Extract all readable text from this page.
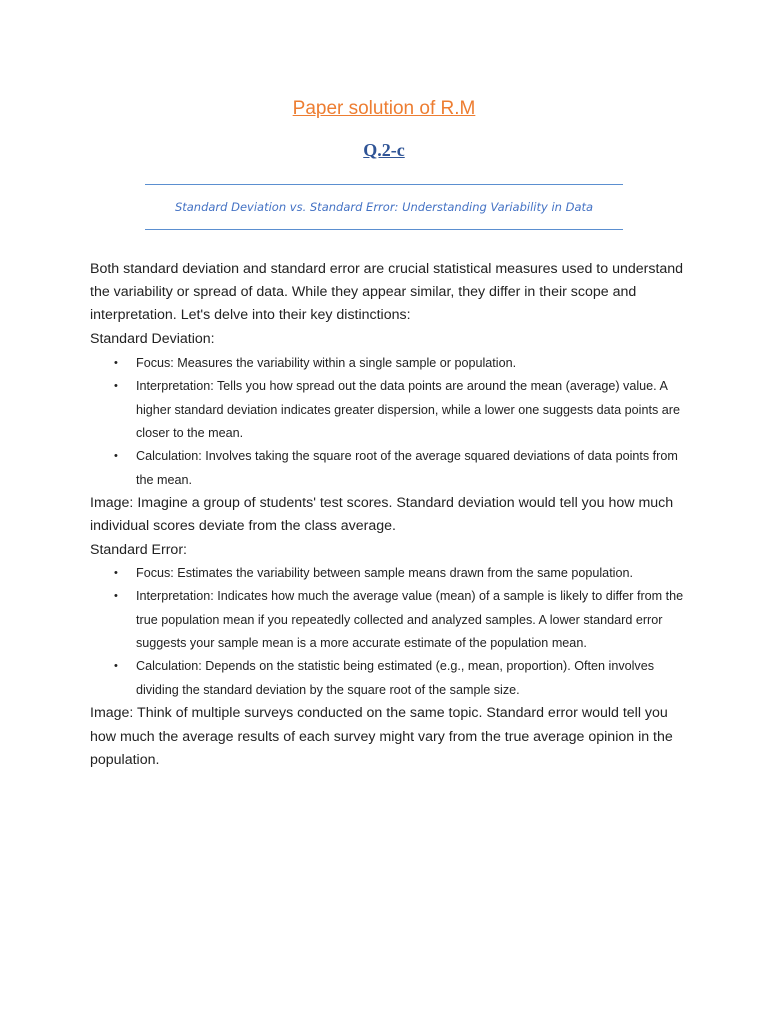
Paper solution of R.M
Q.2-c
Standard Deviation vs. Standard Error: Understanding Variability in Data

Both standard deviation and standard error are crucial statistical measures used to understand the variability or spread of data. While they appear similar, they differ in their scope and interpretation. Let's delve into their key distinctions:

Standard Deviation:

• Focus: Measures the variability within a single sample or population.
• Interpretation: Tells you how spread out the data points are around the mean (average) value. A higher standard deviation indicates greater dispersion, while a lower one suggests data points are closer to the mean.
• Calculation: Involves taking the square root of the average squared deviations of data points from the mean.

Image: Imagine a group of students' test scores. Standard deviation would tell you how much individual scores deviate from the class average.

Standard Error:

• Focus: Estimates the variability between sample means drawn from the same population.
• Interpretation: Indicates how much the average value (mean) of a sample is likely to differ from the true population mean if you repeatedly collected and analyzed samples. A lower standard error suggests your sample mean is a more accurate estimate of the population mean.
• Calculation: Depends on the statistic being estimated (e.g., mean, proportion). Often involves dividing the standard deviation by the square root of the sample size.

Image: Think of multiple surveys conducted on the same topic. Standard error would tell you how much the average results of each survey might vary from the true average opinion in the population.
